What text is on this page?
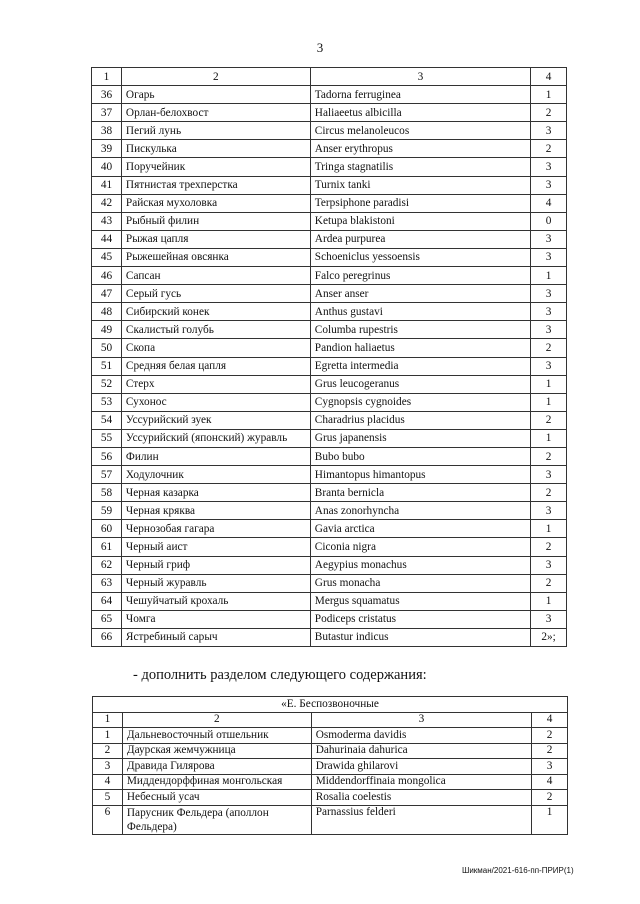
3
1	2	3	4
36	Огарь	Tadorna ferruginea	1
37	Орлан-белохвост	Haliaeetus albicilla	2
38	Пегий лунь	Circus melanoleucos	3
39	Пискулька	Anser erythropus	2
40	Поручейник	Tringa stagnatilis	3
41	Пятнистая трехперстка	Turnix tanki	3
42	Райская мухоловка	Terpsiphone paradisi	4
43	Рыбный филин	Ketupa blakistoni	0
44	Рыжая цапля	Ardea purpurea	3
45	Рыжешейная овсянка	Schoeniclus yessoensis	3
46	Сапсан	Falco peregrinus	1
47	Серый гусь	Anser anser	3
48	Сибирский конек	Anthus gustavi	3
49	Скалистый голубь	Columba rupestris	3
50	Скопа	Pandion haliaetus	2
51	Средняя белая цапля	Egretta intermedia	3
52	Стерх	Grus leucogeranus	1
53	Сухонос	Cygnopsis cygnoides	1
54	Уссурийский зуек	Charadrius placidus	2
55	Уссурийский (японский) журавль	Grus japanensis	1
56	Филин	Bubo bubo	2
57	Ходулочник	Himantopus himantopus	3
58	Черная казарка	Branta bernicla	2
59	Черная кряква	Anas zonorhyncha	3
60	Чернозобая гагара	Gavia arctica	1
61	Черный аист	Ciconia nigra	2
62	Черный гриф	Aegypius monachus	3
63	Черный журавль	Grus monacha	2
64	Чешуйчатый крохаль	Mergus squamatus	1
65	Чомга	Podiceps cristatus	3
66	Ястребиный сарыч	Butastur indicus	2»;
- дополнить разделом следующего содержания:
«Е. Беспозвоночные			
1	2	3	4
1	Дальневосточный отшельник	Osmoderma davidis	2
2	Даурская жемчужница	Dahurinaia dahurica	2
3	Дравида Гилярова	Drawida ghilarovi	3
4	Миддендорффиная монгольская	Middendorffinaia mongolica	4
5	Небесный усач	Rosalia coelestis	2
6	Парусник Фельдера (аполлон Фельдера)	Parnassius felderi	1
Шикман/2021-616-пп-ПРИР(1)
